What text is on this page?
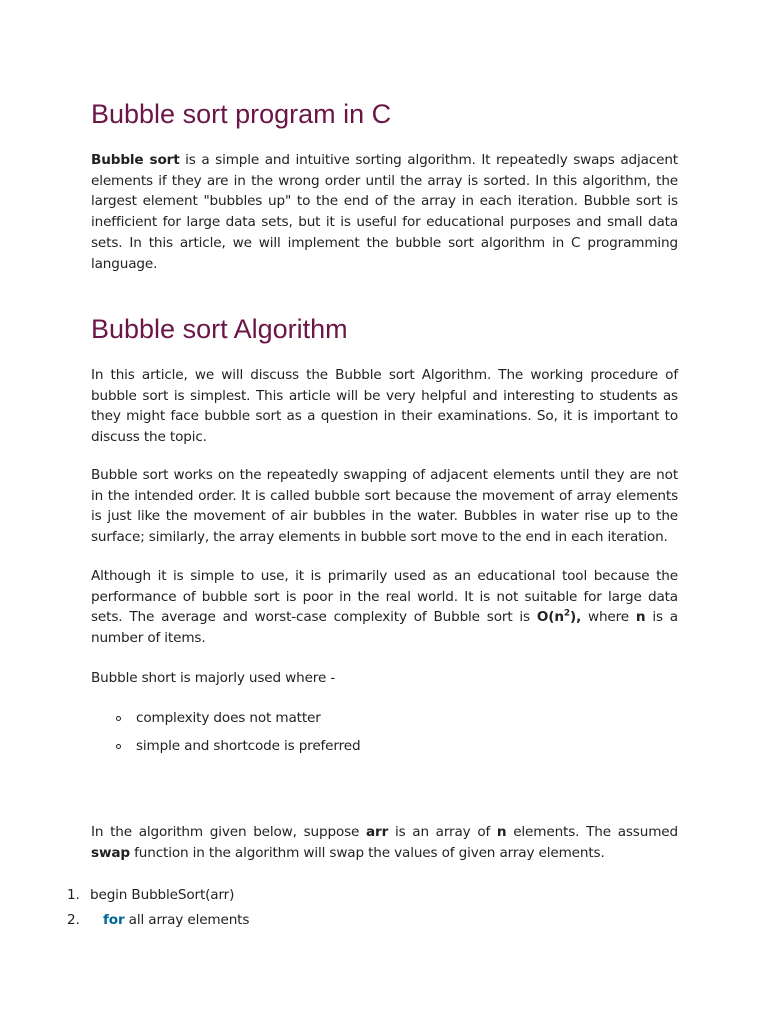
Bubble sort program in C

Bubble sort is a simple and intuitive sorting algorithm. It repeatedly swaps adjacent elements if they are in the wrong order until the array is sorted. In this algorithm, the largest element "bubbles up" to the end of the array in each iteration. Bubble sort is inefficient for large data sets, but it is useful for educational purposes and small data sets. In this article, we will implement the bubble sort algorithm in C programming language.

Bubble sort Algorithm

In this article, we will discuss the Bubble sort Algorithm. The working procedure of bubble sort is simplest. This article will be very helpful and interesting to students as they might face bubble sort as a question in their examinations. So, it is important to discuss the topic.

Bubble sort works on the repeatedly swapping of adjacent elements until they are not in the intended order. It is called bubble sort because the movement of array elements is just like the movement of air bubbles in the water. Bubbles in water rise up to the surface; similarly, the array elements in bubble sort move to the end in each iteration.

Although it is simple to use, it is primarily used as an educational tool because the performance of bubble sort is poor in the real world. It is not suitable for large data sets. The average and worst-case complexity of Bubble sort is $O(n^2)$, where n is a number of items.

Bubble short is majorly used where -

complexity does not matter
simple and shortcode is preferred

In the algorithm given below, suppose arr is an array of n elements. The assumed swap function in the algorithm will swap the values of given array elements.

1. begin BubbleSort(arr)
2.	for all array elements
